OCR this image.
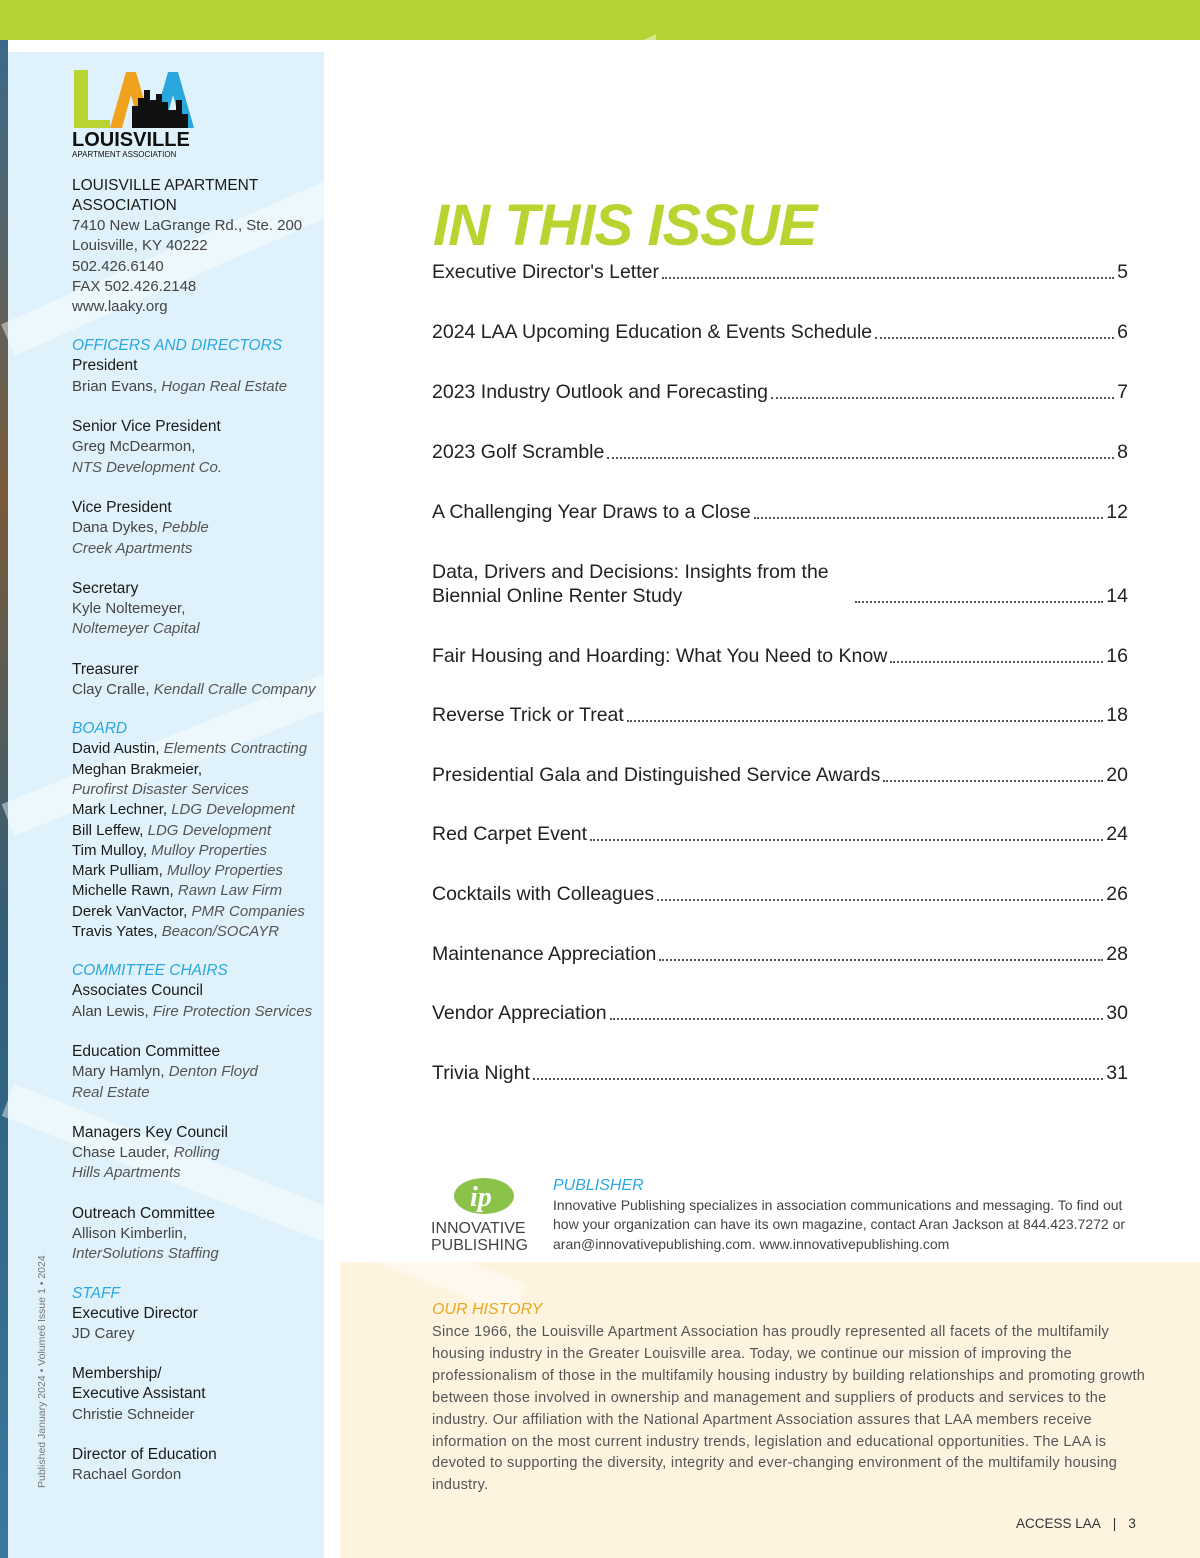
LOUISVILLE
APARTMENT ASSOCIATION
LOUISVILLE APARTMENT ASSOCIATION
7410 New LaGrange Rd., Ste. 200
Louisville, KY 40222
502.426.6140
FAX 502.426.2148
www.laaky.org
OFFICERS AND DIRECTORS
President
Brian Evans, Hogan Real Estate
Senior Vice President
Greg McDearmon,
NTS Development Co.
Vice President
Dana Dykes, Pebble Creek Apartments
Secretary
Kyle Noltemeyer,
Noltemeyer Capital
Treasurer
Clay Cralle, Kendall Cralle Company
BOARD
David Austin, Elements Contracting
Meghan Brakmeier,
Purofirst Disaster Services
Mark Lechner, LDG Development
Bill Leffew, LDG Development
Tim Mulloy, Mulloy Properties
Mark Pulliam, Mulloy Properties
Michelle Rawn, Rawn Law Firm
Derek VanVactor, PMR Companies
Travis Yates, Beacon/SOCAYR
COMMITTEE CHAIRS
Associates Council
Alan Lewis, Fire Protection Services
Education Committee
Mary Hamlyn, Denton Floyd Real Estate
Managers Key Council
Chase Lauder, Rolling Hills Apartments
Outreach Committee
Allison Kimberlin,
InterSolutions Staffing
STAFF
Executive Director
JD Carey
Membership/ Executive Assistant
Christie Schneider
Director of Education
Rachael Gordon
Published January 2024 • Volume6 Issue 1 • 2024
IN THIS ISSUE
Executive Director's Letter	5
2024 LAA Upcoming Education & Events Schedule	6
2023 Industry Outlook and Forecasting	7
2023 Golf Scramble	8
A Challenging Year Draws to a Close	12
Data, Drivers and Decisions: Insights from the Biennial Online Renter Study	14
Fair Housing and Hoarding: What You Need to Know	16
Reverse Trick or Treat	18
Presidential Gala and Distinguished Service Awards	20
Red Carpet Event	24
Cocktails with Colleagues	26
Maintenance Appreciation	28
Vendor Appreciation	30
Trivia Night	31
ip
INNOVATIVE
PUBLISHING
PUBLISHER
Innovative Publishing specializes in association communications and messaging. To find out how your organization can have its own magazine, contact Aran Jackson at 844.423.7272 or aran@innovativepublishing.com. www.innovativepublishing.com
OUR HISTORY
Since 1966, the Louisville Apartment Association has proudly represented all facets of the multifamily housing industry in the Greater Louisville area. Today, we continue our mission of improving the professionalism of those in the multifamily housing industry by building relationships and promoting growth between those involved in ownership and management and suppliers of products and services to the industry. Our affiliation with the National Apartment Association assures that LAA members receive information on the most current industry trends, legislation and educational opportunities. The LAA is devoted to supporting the diversity, integrity and ever-changing environment of the multifamily housing industry.
ACCESS LAA | 3
